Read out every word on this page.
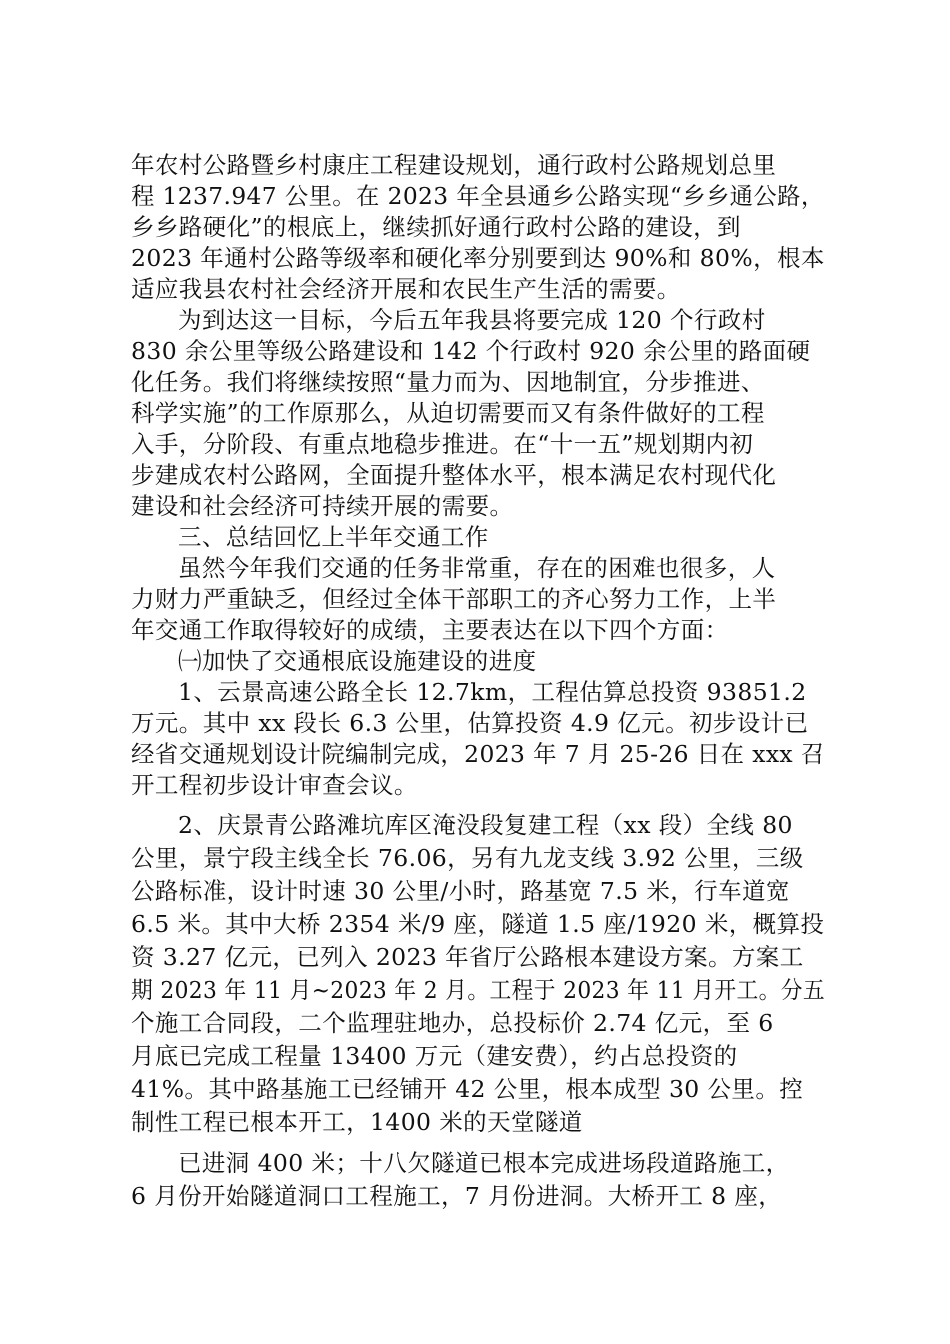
年农村公路暨乡村康庄工程建设规划，通行政村公路规划总里
程 1237.947 公里。在 2023 年全县通乡公路实现“乡乡通公路，
乡乡路硬化”的根底上，继续抓好通行政村公路的建设，到
2023 年通村公路等级率和硬化率分别要到达 90%和 80%，根本
适应我县农村社会经济开展和农民生产生活的需要。
为到达这一目标，今后五年我县将要完成 120 个行政村
830 余公里等级公路建设和 142 个行政村 920 余公里的路面硬
化任务。我们将继续按照“量力而为、因地制宜，分步推进、
科学实施”的工作原那么，从迫切需要而又有条件做好的工程
入手，分阶段、有重点地稳步推进。在“十一五”规划期内初
步建成农村公路网，全面提升整体水平，根本满足农村现代化
建设和社会经济可持续开展的需要。
三、总结回忆上半年交通工作
虽然今年我们交通的任务非常重，存在的困难也很多，人
力财力严重缺乏，但经过全体干部职工的齐心努力工作，上半
年交通工作取得较好的成绩，主要表达在以下四个方面：
㈠加快了交通根底设施建设的进度
1、云景高速公路全长 12.7km，工程估算总投资 93851.2
万元。其中 xx 段长 6.3 公里，估算投资 4.9 亿元。初步设计已
经省交通规划设计院编制完成，2023 年 7 月 25-26 日在 xxx 召
开工程初步设计审查会议。
2、庆景青公路滩坑库区淹没段复建工程（xx 段）全线 80
公里，景宁段主线全长 76.06，另有九龙支线 3.92 公里，三级
公路标准，设计时速 30 公里/小时，路基宽 7.5 米，行车道宽
6.5 米。其中大桥 2354 米/9 座，隧道 1.5 座/1920 米，概算投
资 3.27 亿元，已列入 2023 年省厅公路根本建设方案。方案工
期 2023 年 11 月~2023 年 2 月。工程于 2023 年 11 月开工。分五
个施工合同段，二个监理驻地办，总投标价 2.74 亿元，至 6
月底已完成工程量 13400 万元（建安费），约占总投资的
41%。其中路基施工已经铺开 42 公里，根本成型 30 公里。控
制性工程已根本开工，1400 米的天堂隧道
已进洞 400 米；十八欠隧道已根本完成进场段道路施工，
6 月份开始隧道洞口工程施工，7 月份进洞。大桥开工 8 座，
